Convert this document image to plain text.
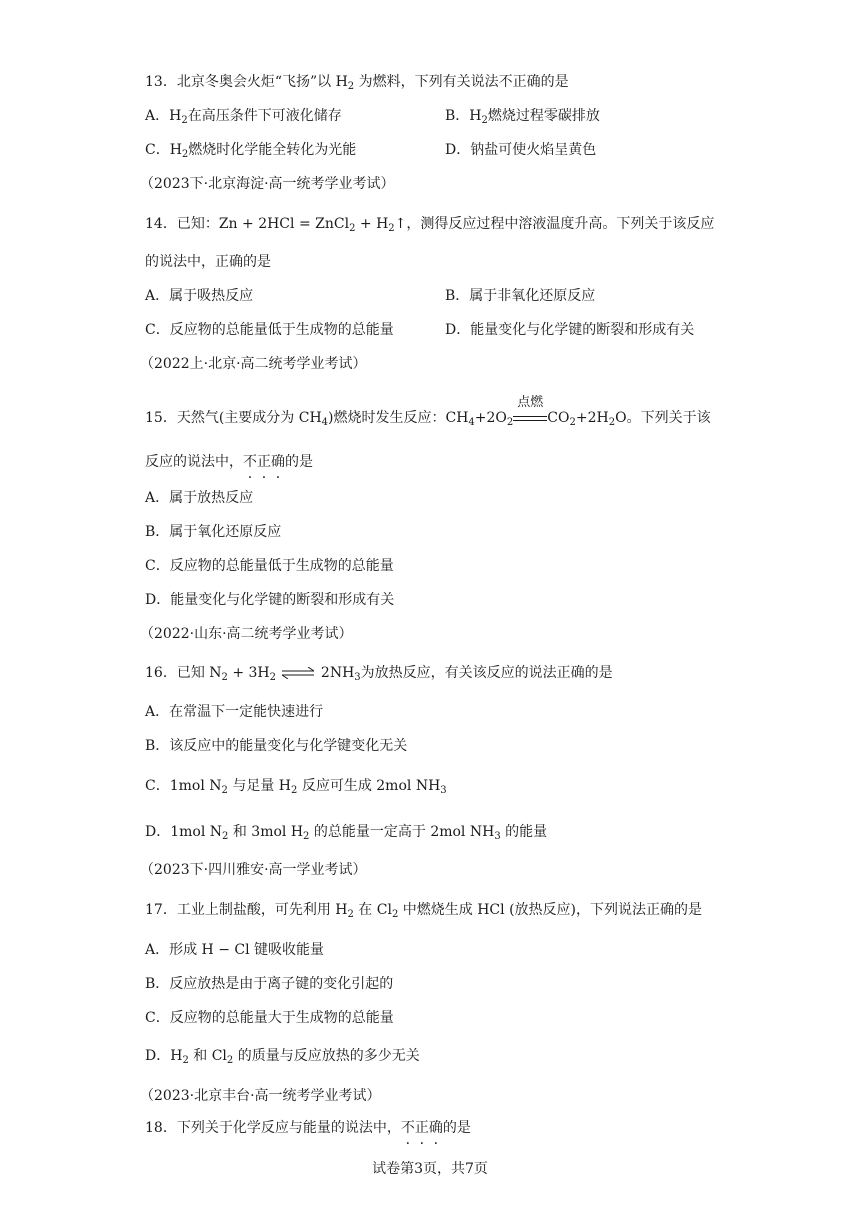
13．北京冬奥会火炬“飞扬”以 $H_2$ 为燃料，下列有关说法不正确的是
A．$H_2$在高压条件下可液化储存	B．$H_2$燃烧过程零碳排放
C．$H_2$燃烧时化学能全转化为光能	D．钠盐可使火焰呈黄色
（2023下·北京海淀·高一统考学业考试）
14．已知：Zn + 2HCl = ZnCl$_2$ + $H_2↑$，测得反应过程中溶液温度升高。下列关于该反应
的说法中，正确的是
A．属于吸热反应	B．属于非氧化还原反应
C．反应物的总能量低于生成物的总能量	D．能量变化与化学键的断裂和形成有关
（2022上·北京·高二统考学业考试）
15．天然气(主要成分为 $CH_4$)燃烧时发生反应：$CH_4+2O_2$
点燃
$CO_2+2H_2O$。下列关于该
反应的说法中，不正确的是
A．属于放热反应
B．属于氧化还原反应
C．反应物的总能量低于生成物的总能量
D．能量变化与化学键的断裂和形成有关
（2022·山东·高二统考学业考试）
16．已知 $N_2 + 3H_2$ ⇌ $2NH_3$为放热反应，有关该反应的说法正确的是
A．在常温下一定能快速进行
B．该反应中的能量变化与化学键变化无关
C．1mol $N_2$ 与足量 $H_2$ 反应可生成 2mol $NH_3$
D．1mol $N_2$ 和 3mol $H_2$ 的总能量一定高于 2mol $NH_3$ 的能量
（2023下·四川雅安·高一学业考试）
17．工业上制盐酸，可先利用 $H_2$ 在 $Cl_2$ 中燃烧生成 HCl (放热反应)，下列说法正确的是
A．形成 H − Cl 键吸收能量
B．反应放热是由于离子键的变化引起的
C．反应物的总能量大于生成物的总能量
D．$H_2$ 和 $Cl_2$ 的质量与反应放热的多少无关
（2023·北京丰台·高一统考学业考试）
18．下列关于化学反应与能量的说法中，不正确的是
试卷第3页，共7页
